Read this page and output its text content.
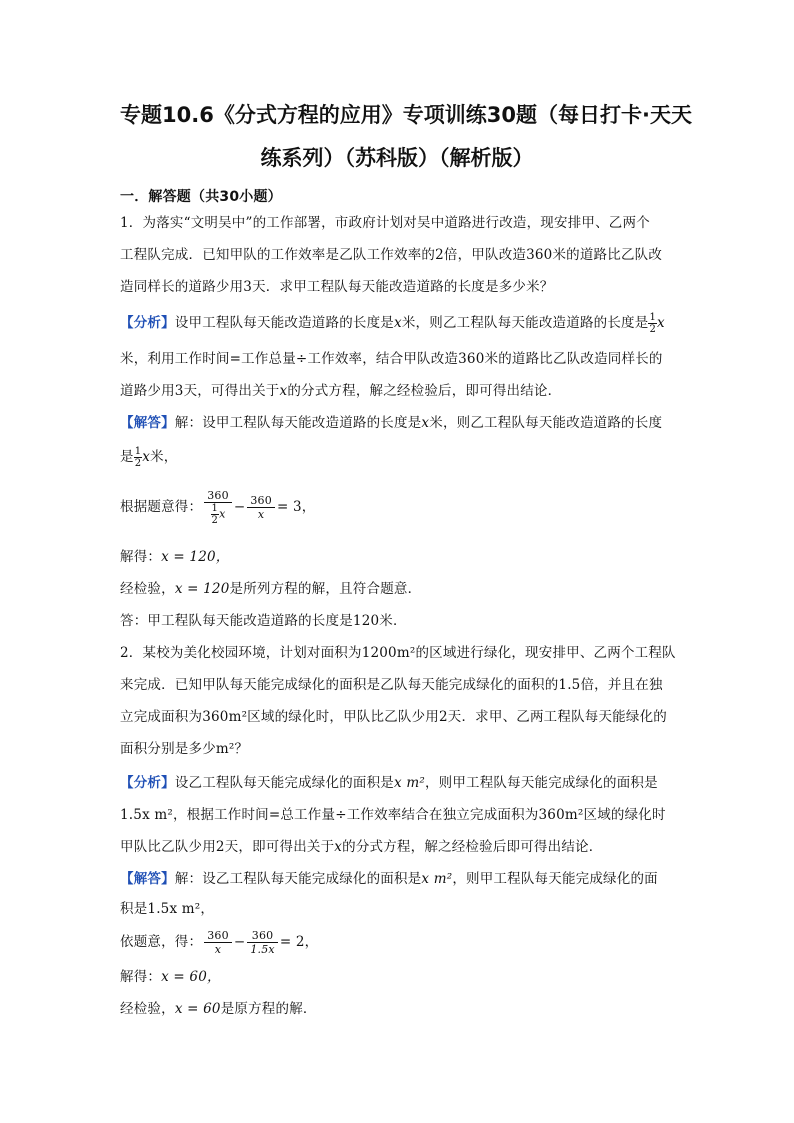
专题10.6《分式方程的应用》专项训练30题（每日打卡·天天
练系列）（苏科版）（解析版）
一．解答题（共30小题）
1．为落实“文明吴中”的工作部署，市政府计划对吴中道路进行改造，现安排甲、乙两个
工程队完成．已知甲队的工作效率是乙队工作效率的2倍，甲队改造360米的道路比乙队改
造同样长的道路少用3天．求甲工程队每天能改造道路的长度是多少米？
【分析】设甲工程队每天能改造道路的长度是x米，则乙工程队每天能改造道路的长度是 $\frac{1}{2}$ x
米，利用工作时间=工作总量÷工作效率，结合甲队改造360米的道路比乙队改造同样长的
道路少用3天，可得出关于x的分式方程，解之经检验后，即可得出结论．
【解答】解：设甲工程队每天能改造道路的长度是x米，则乙工程队每天能改造道路的长度
是 $\frac{1}{2}$ x米，
根据题意得： $\frac{360}{\frac{1}{2} x} - \frac{360}{x} = 3$，
解得：x = 120，
经检验，x = 120是所列方程的解，且符合题意．
答：甲工程队每天能改造道路的长度是120米．
2．某校为美化校园环境，计划对面积为1200m²的区域进行绿化，现安排甲、乙两个工程队
来完成．已知甲队每天能完成绿化的面积是乙队每天能完成绿化的面积的1.5倍，并且在独
立完成面积为360m²区域的绿化时，甲队比乙队少用2天．求甲、乙两工程队每天能绿化的
面积分别是多少m²？
【分析】设乙工程队每天能完成绿化的面积是x m²，则甲工程队每天能完成绿化的面积是
1.5x m²，根据工作时间=总工作量÷工作效率结合在独立完成面积为360m²区域的绿化时
甲队比乙队少用2天，即可得出关于x的分式方程，解之经检验后即可得出结论．
【解答】解：设乙工程队每天能完成绿化的面积是x m²，则甲工程队每天能完成绿化的面
积是1.5x m²，
依题意，得： $\frac{360}{x} - \frac{360}{1.5x} = 2$，
解得：x = 60，
经检验，x = 60是原方程的解．
